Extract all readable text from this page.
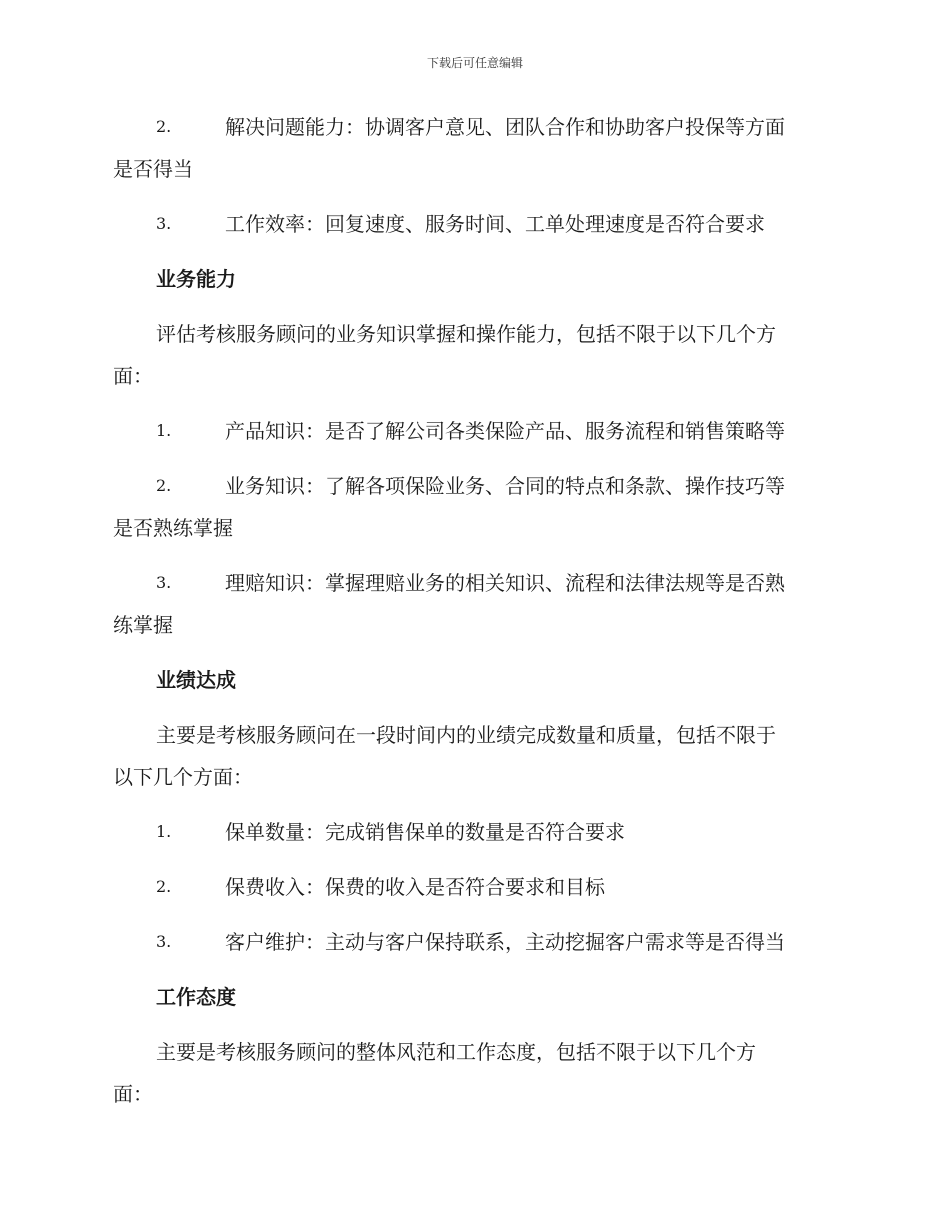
下载后可任意编辑
2.	解决问题能力：协调客户意见、团队合作和协助客户投保等方面
是否得当
3.	工作效率：回复速度、服务时间、工单处理速度是否符合要求
业务能力
评估考核服务顾问的业务知识掌握和操作能力，包括不限于以下几个方
面：
1.	产品知识：是否了解公司各类保险产品、服务流程和销售策略等
2.	业务知识：了解各项保险业务、合同的特点和条款、操作技巧等
是否熟练掌握
3.	理赔知识：掌握理赔业务的相关知识、流程和法律法规等是否熟
练掌握
业绩达成
主要是考核服务顾问在一段时间内的业绩完成数量和质量，包括不限于
以下几个方面：
1.	保单数量：完成销售保单的数量是否符合要求
2.	保费收入：保费的收入是否符合要求和目标
3.	客户维护：主动与客户保持联系，主动挖掘客户需求等是否得当
工作态度
主要是考核服务顾问的整体风范和工作态度，包括不限于以下几个方
面：
